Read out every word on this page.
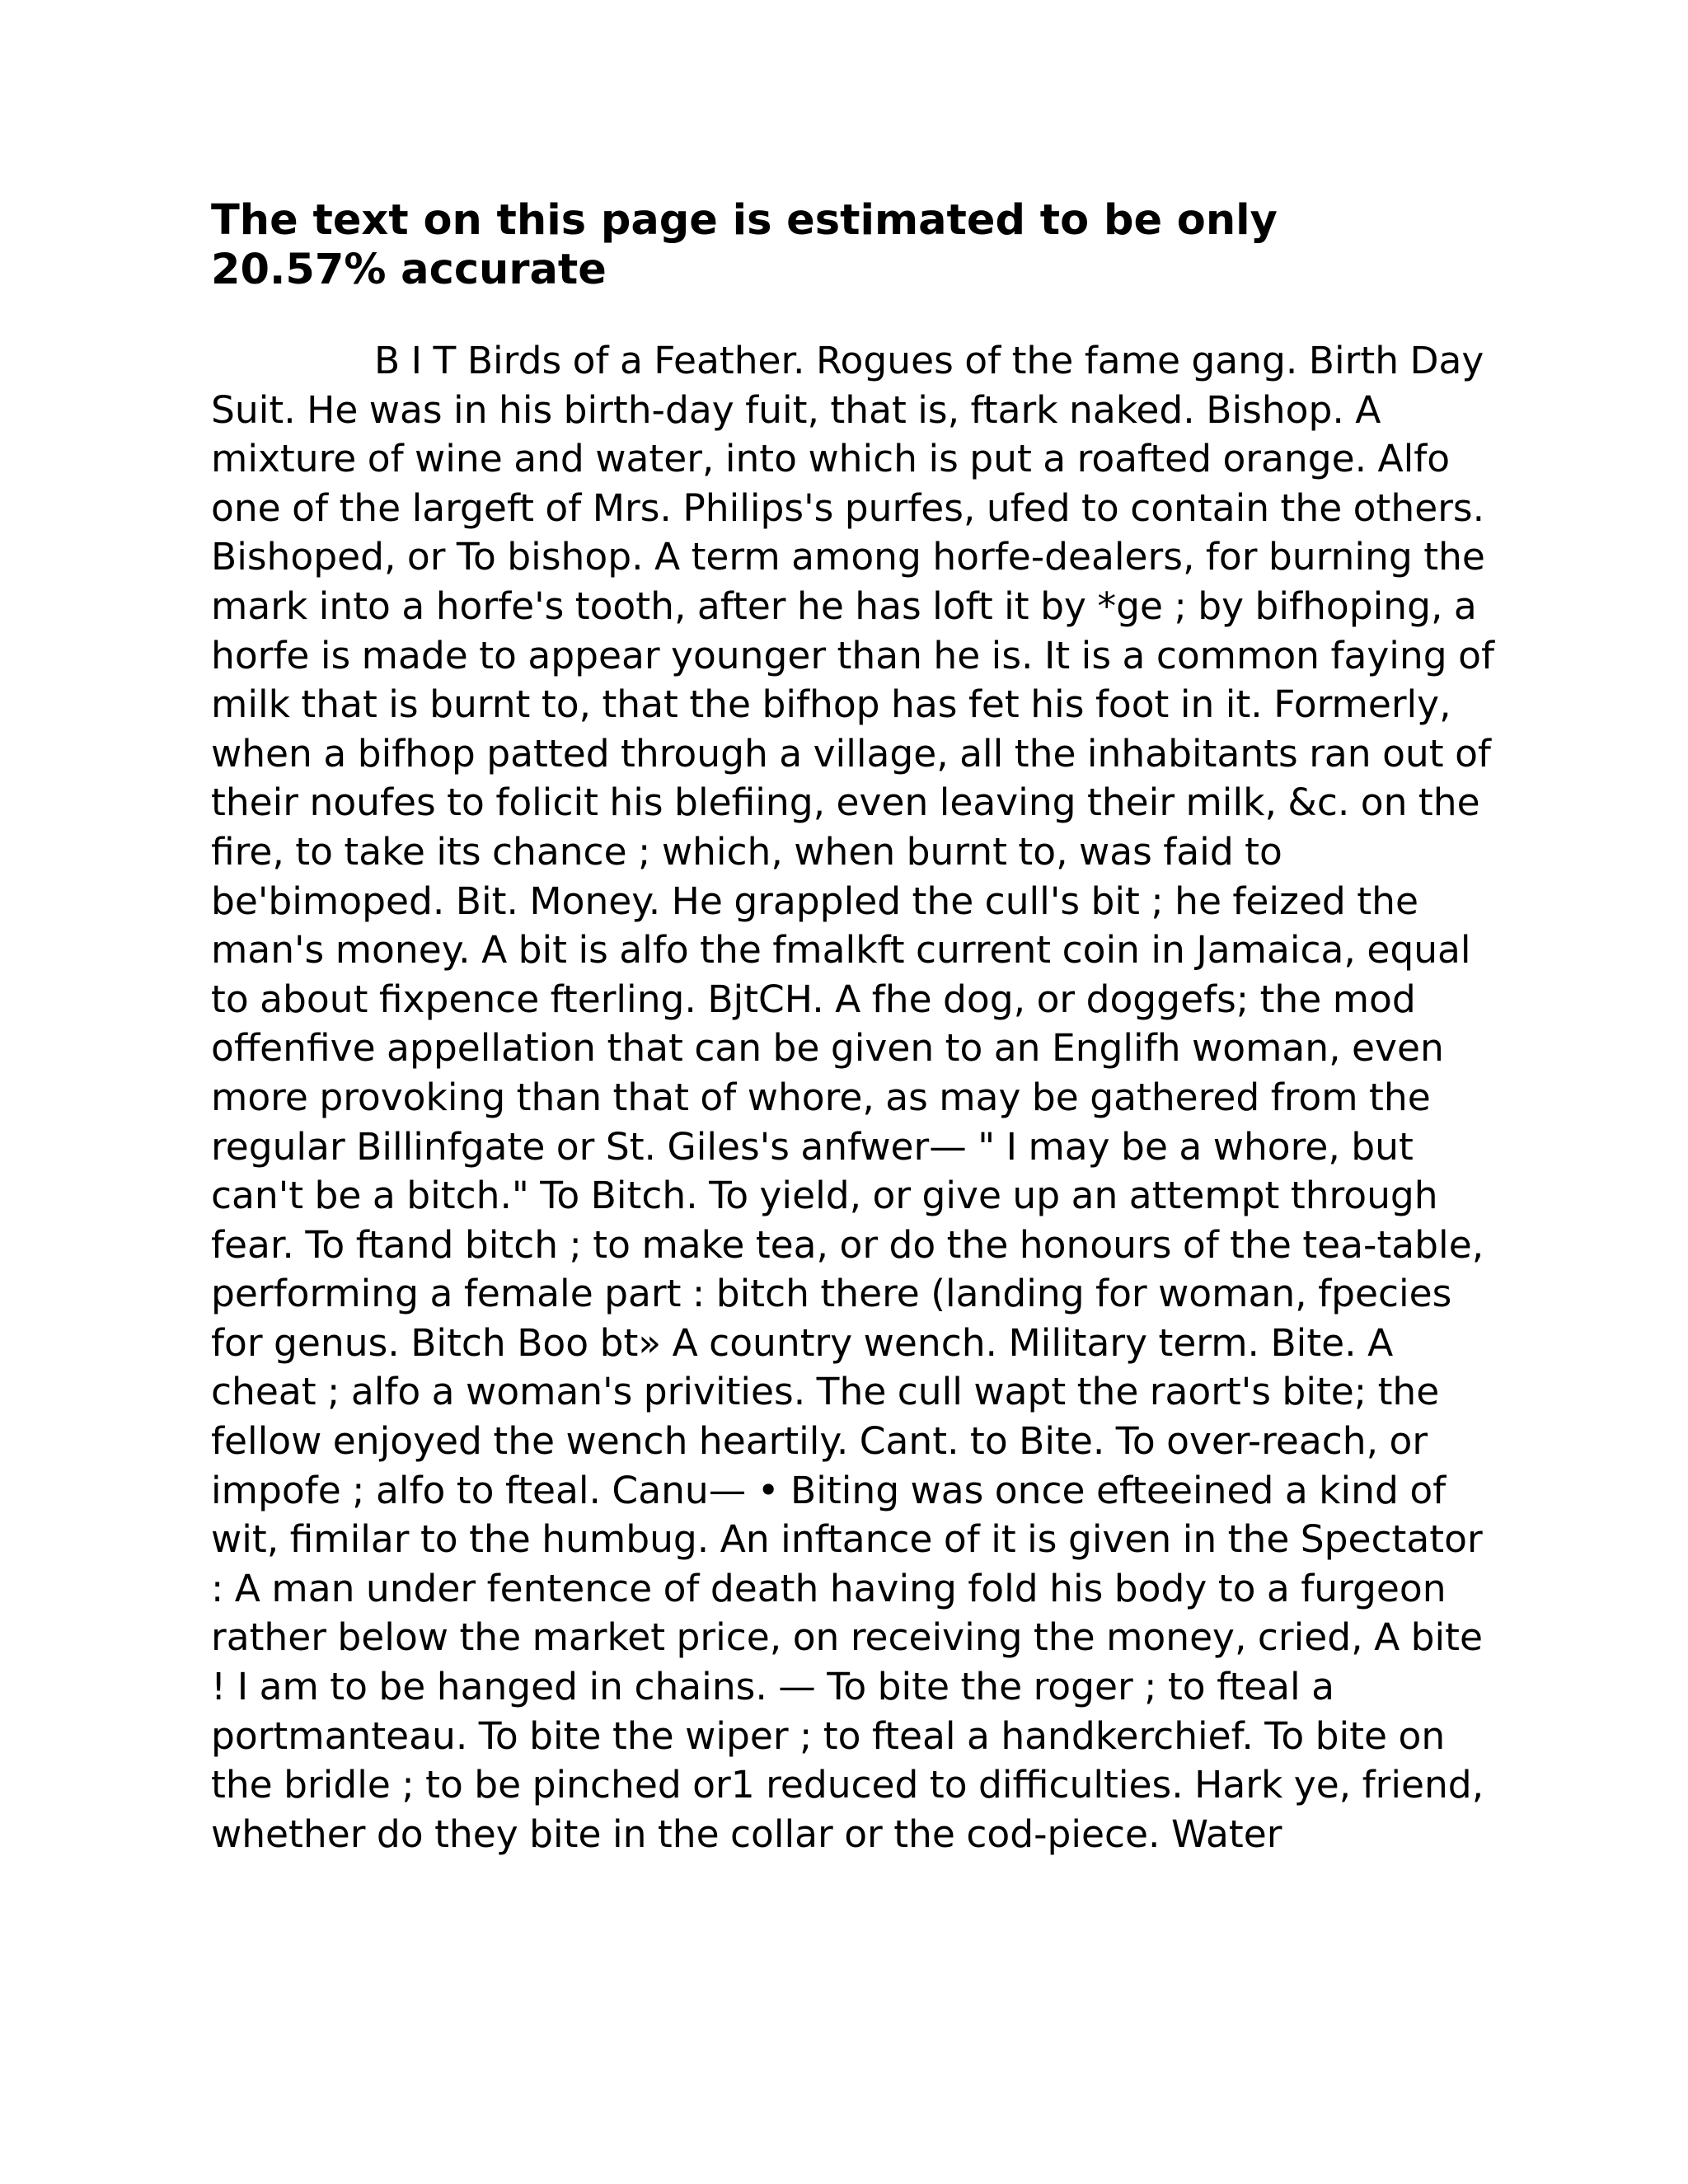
The text on this page is estimated to be only 20.57% accurate

B I T Birds of a Feather. Rogues of the fame gang. Birth Day Suit. He was in his birth-day fuit, that is, ftark naked. Bishop. A mixture of wine and water, into which is put a roafted orange. Alfo one of the largeft of Mrs. Philips's purfes, ufed to contain the others. Bishoped, or To bishop. A term among horfe-dealers, for burning the mark into a horfe's tooth, after he has loft it by *ge ; by bifhoping, a horfe is made to appear younger than he is. It is a common faying of milk that is burnt to, that the bifhop has fet his foot in it. Formerly, when a bifhop patted through a village, all the inhabitants ran out of their noufes to folicit his blefiing, even leaving their milk, &c. on the fire, to take its chance ; which, when burnt to, was faid to be'bimoped. Bit. Money. He grappled the cull's bit ; he feized the man's money. A bit is alfo the fmalkft current coin in Jamaica, equal to about fixpence fterling. BjtCH. A fhe dog, or doggefs; the mod offenfive appellation that can be given to an Englifh woman, even more provoking than that of whore, as may be gathered from the regular Billinfgate or St. Giles's anfwer— " I may be a whore, but can't be a bitch." To Bitch. To yield, or give up an attempt through fear. To ftand bitch ; to make tea, or do the honours of the tea-table, performing a female part : bitch there (landing for woman, fpecies for genus. Bitch Boo bt» A country wench. Military term. Bite. A cheat ; alfo a woman's privities. The cull wapt the raort's bite; the fellow enjoyed the wench heartily. Cant. to Bite. To over-reach, or impofe ; alfo to fteal. Canu— • Biting was once efteeined a kind of wit, fimilar to the humbug. An inftance of it is given in the Spectator : A man under fentence of death having fold his body to a furgeon rather below the market price, on receiving the money, cried, A bite ! I am to be hanged in chains. — To bite the roger ; to fteal a portmanteau. To bite the wiper ; to fteal a handkerchief. To bite on the bridle ; to be pinched or1 reduced to difficulties. Hark ye, friend, whether do they bite in the collar or the cod-piece. Water
